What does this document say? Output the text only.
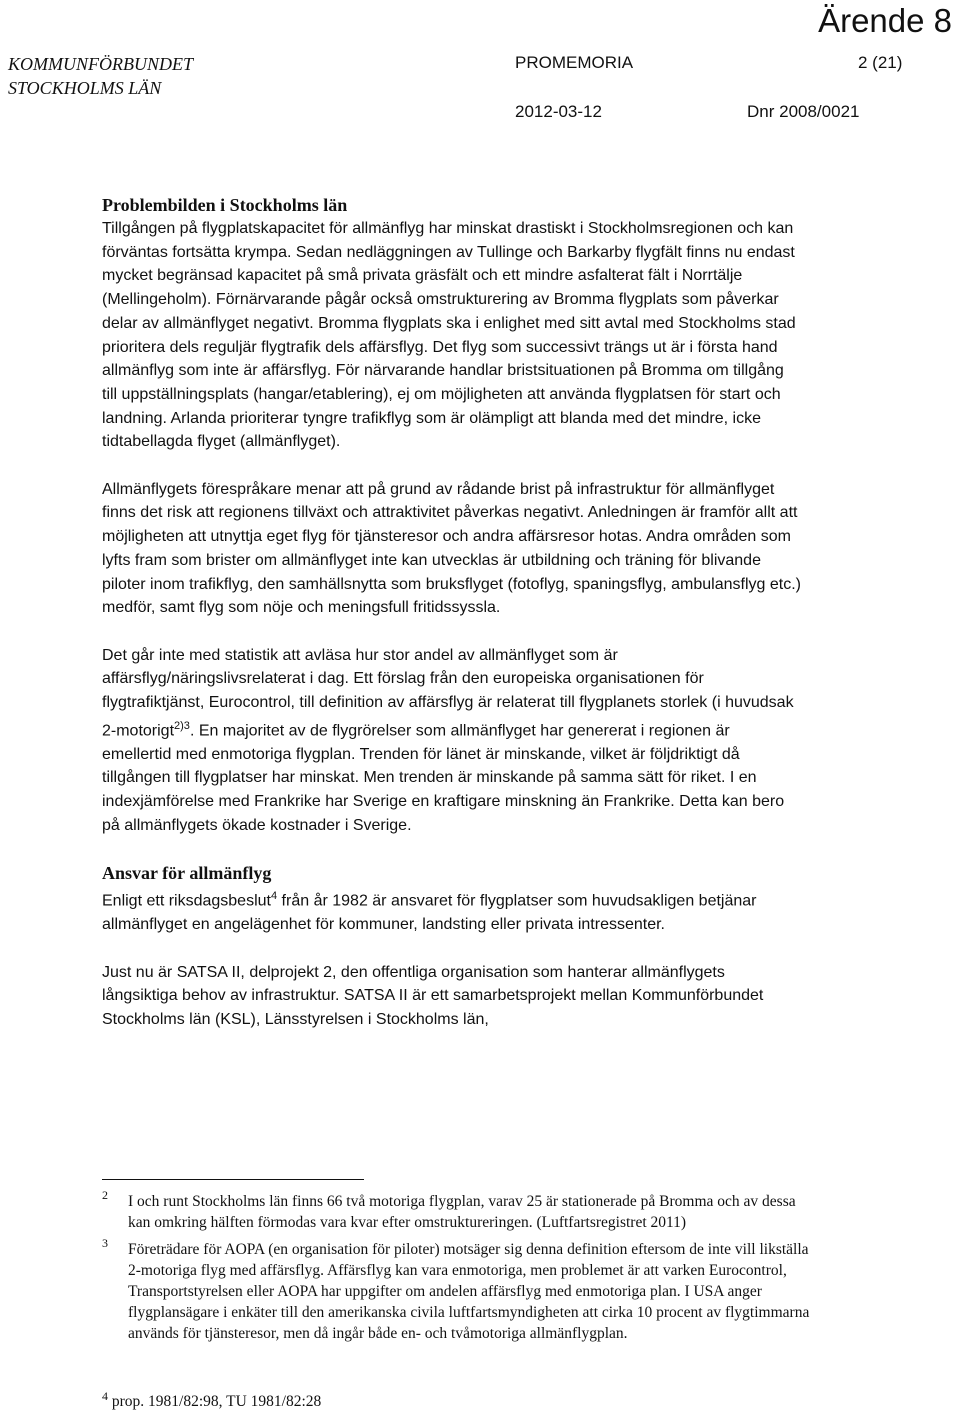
Ärende 8
KOMMUNFÖRBUNDET
STOCKHOLMS LÄN
PROMEMORIA	2 (21)
2012-03-12	Dnr 2008/0021
Problembilden i Stockholms län

Tillgången på flygplatskapacitet för allmänflyg har minskat drastiskt i Stockholmsregionen och kan förväntas fortsätta krympa. Sedan nedläggningen av Tullinge och Barkarby flygfält finns nu endast mycket begränsad kapacitet på små privata gräsfält och ett mindre asfalterat fält i Norrtälje (Mellingeholm). Förnärvarande pågår också omstrukturering av Bromma flygplats som påverkar delar av allmänflyget negativt. Bromma flygplats ska i enlighet med sitt avtal med Stockholms stad prioritera dels reguljär flygtrafik dels affärsflyg. Det flyg som successivt trängs ut är i första hand allmänflyg som inte är affärsflyg. För närvarande handlar bristsituationen på Bromma om tillgång till uppställningsplats (hangar/etablering), ej om möjligheten att använda flygplatsen för start och landning. Arlanda prioriterar tyngre trafikflyg som är olämpligt att blanda med det mindre, icke tidtabellagda flyget (allmänflyget).

Allmänflygets förespråkare menar att på grund av rådande brist på infrastruktur för allmänflyget finns det risk att regionens tillväxt och attraktivitet påverkas negativt. Anledningen är framför allt att möjligheten att utnyttja eget flyg för tjänsteresor och andra affärsresor hotas. Andra områden som lyfts fram som brister om allmänflyget inte kan utvecklas är utbildning och träning för blivande piloter inom trafikflyg, den samhällsnytta som bruksflyget (fotoflyg, spaningsflyg, ambulansflyg etc.) medför, samt flyg som nöje och meningsfull fritidssyssla.

Det går inte med statistik att avläsa hur stor andel av allmänflyget som är affärsflyg/näringslivsrelaterat i dag. Ett förslag från den europeiska organisationen för flygtrafiktjänst, Eurocontrol, till definition av affärsflyg är relaterat till flygplanets storlek (i huvudsak 2-motorigt$^{2)3}$. En majoritet av de flygrörelser som allmänflyget har genererat i regionen är emellertid med enmotoriga flygplan. Trenden för länet är minskande, vilket är följdriktigt då tillgången till flygplatser har minskat. Men trenden är minskande på samma sätt för riket. I en indexjämförelse med Frankrike har Sverige en kraftigare minskning än Frankrike. Detta kan bero på allmänflygets ökade kostnader i Sverige.

Ansvar för allmänflyg

Enligt ett riksdagsbeslut$^4$ från år 1982 är ansvaret för flygplatser som huvudsakligen betjänar allmänflyget en angelägenhet för kommuner, landsting eller privata intressenter.

Just nu är SATSA II, delprojekt 2, den offentliga organisation som hanterar allmänflygets långsiktiga behov av infrastruktur. SATSA II är ett samarbetsprojekt mellan Kommunförbundet Stockholms län (KSL), Länsstyrelsen i Stockholms län,

2 I och runt Stockholms län finns 66 två motoriga flygplan, varav 25 är stationerade på Bromma och av dessa kan omkring hälften förmodas vara kvar efter omstruktureringen. (Luftfartsregistret 2011)
3 Företrädare för AOPA (en organisation för piloter) motsäger sig denna definition eftersom de inte vill likställa 2-motoriga flyg med affärsflyg. Affärsflyg kan vara enmotoriga, men problemet är att varken Eurocontrol, Transportstyrelsen eller AOPA har uppgifter om andelen affärsflyg med enmotoriga plan. I USA anger flygplansägare i enkäter till den amerikanska civila luftfartsmyndigheten att cirka 10 procent av flygtimmarna används för tjänsteresor, men då ingår både en- och tvåmotoriga allmänflygplan.
$^4$ prop. 1981/82:98, TU 1981/82:28
